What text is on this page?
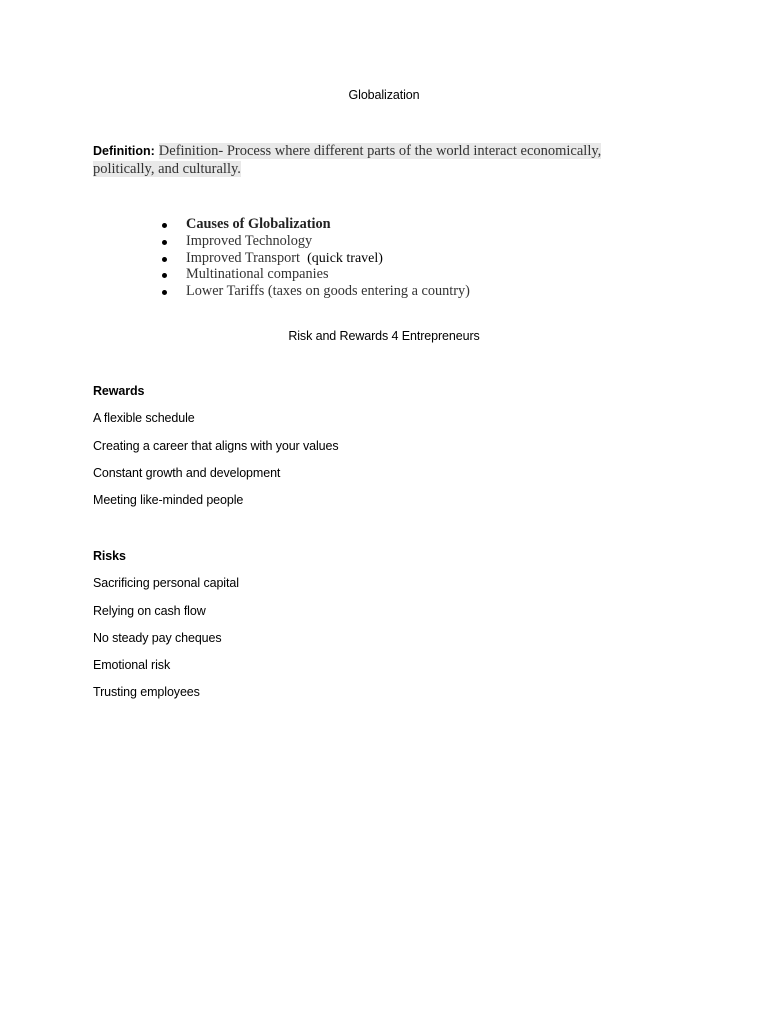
Globalization
Definition: Definition- Process where different parts of the world interact economically, politically, and culturally.
Causes of Globalization
Improved Technology
Improved Transport (quick travel)
Multinational companies
Lower Tariffs (taxes on goods entering a country)
Risk and Rewards 4 Entrepreneurs
Rewards
A flexible schedule
Creating a career that aligns with your values
Constant growth and development
Meeting like-minded people
Risks
Sacrificing personal capital
Relying on cash flow
No steady pay cheques
Emotional risk
Trusting employees
